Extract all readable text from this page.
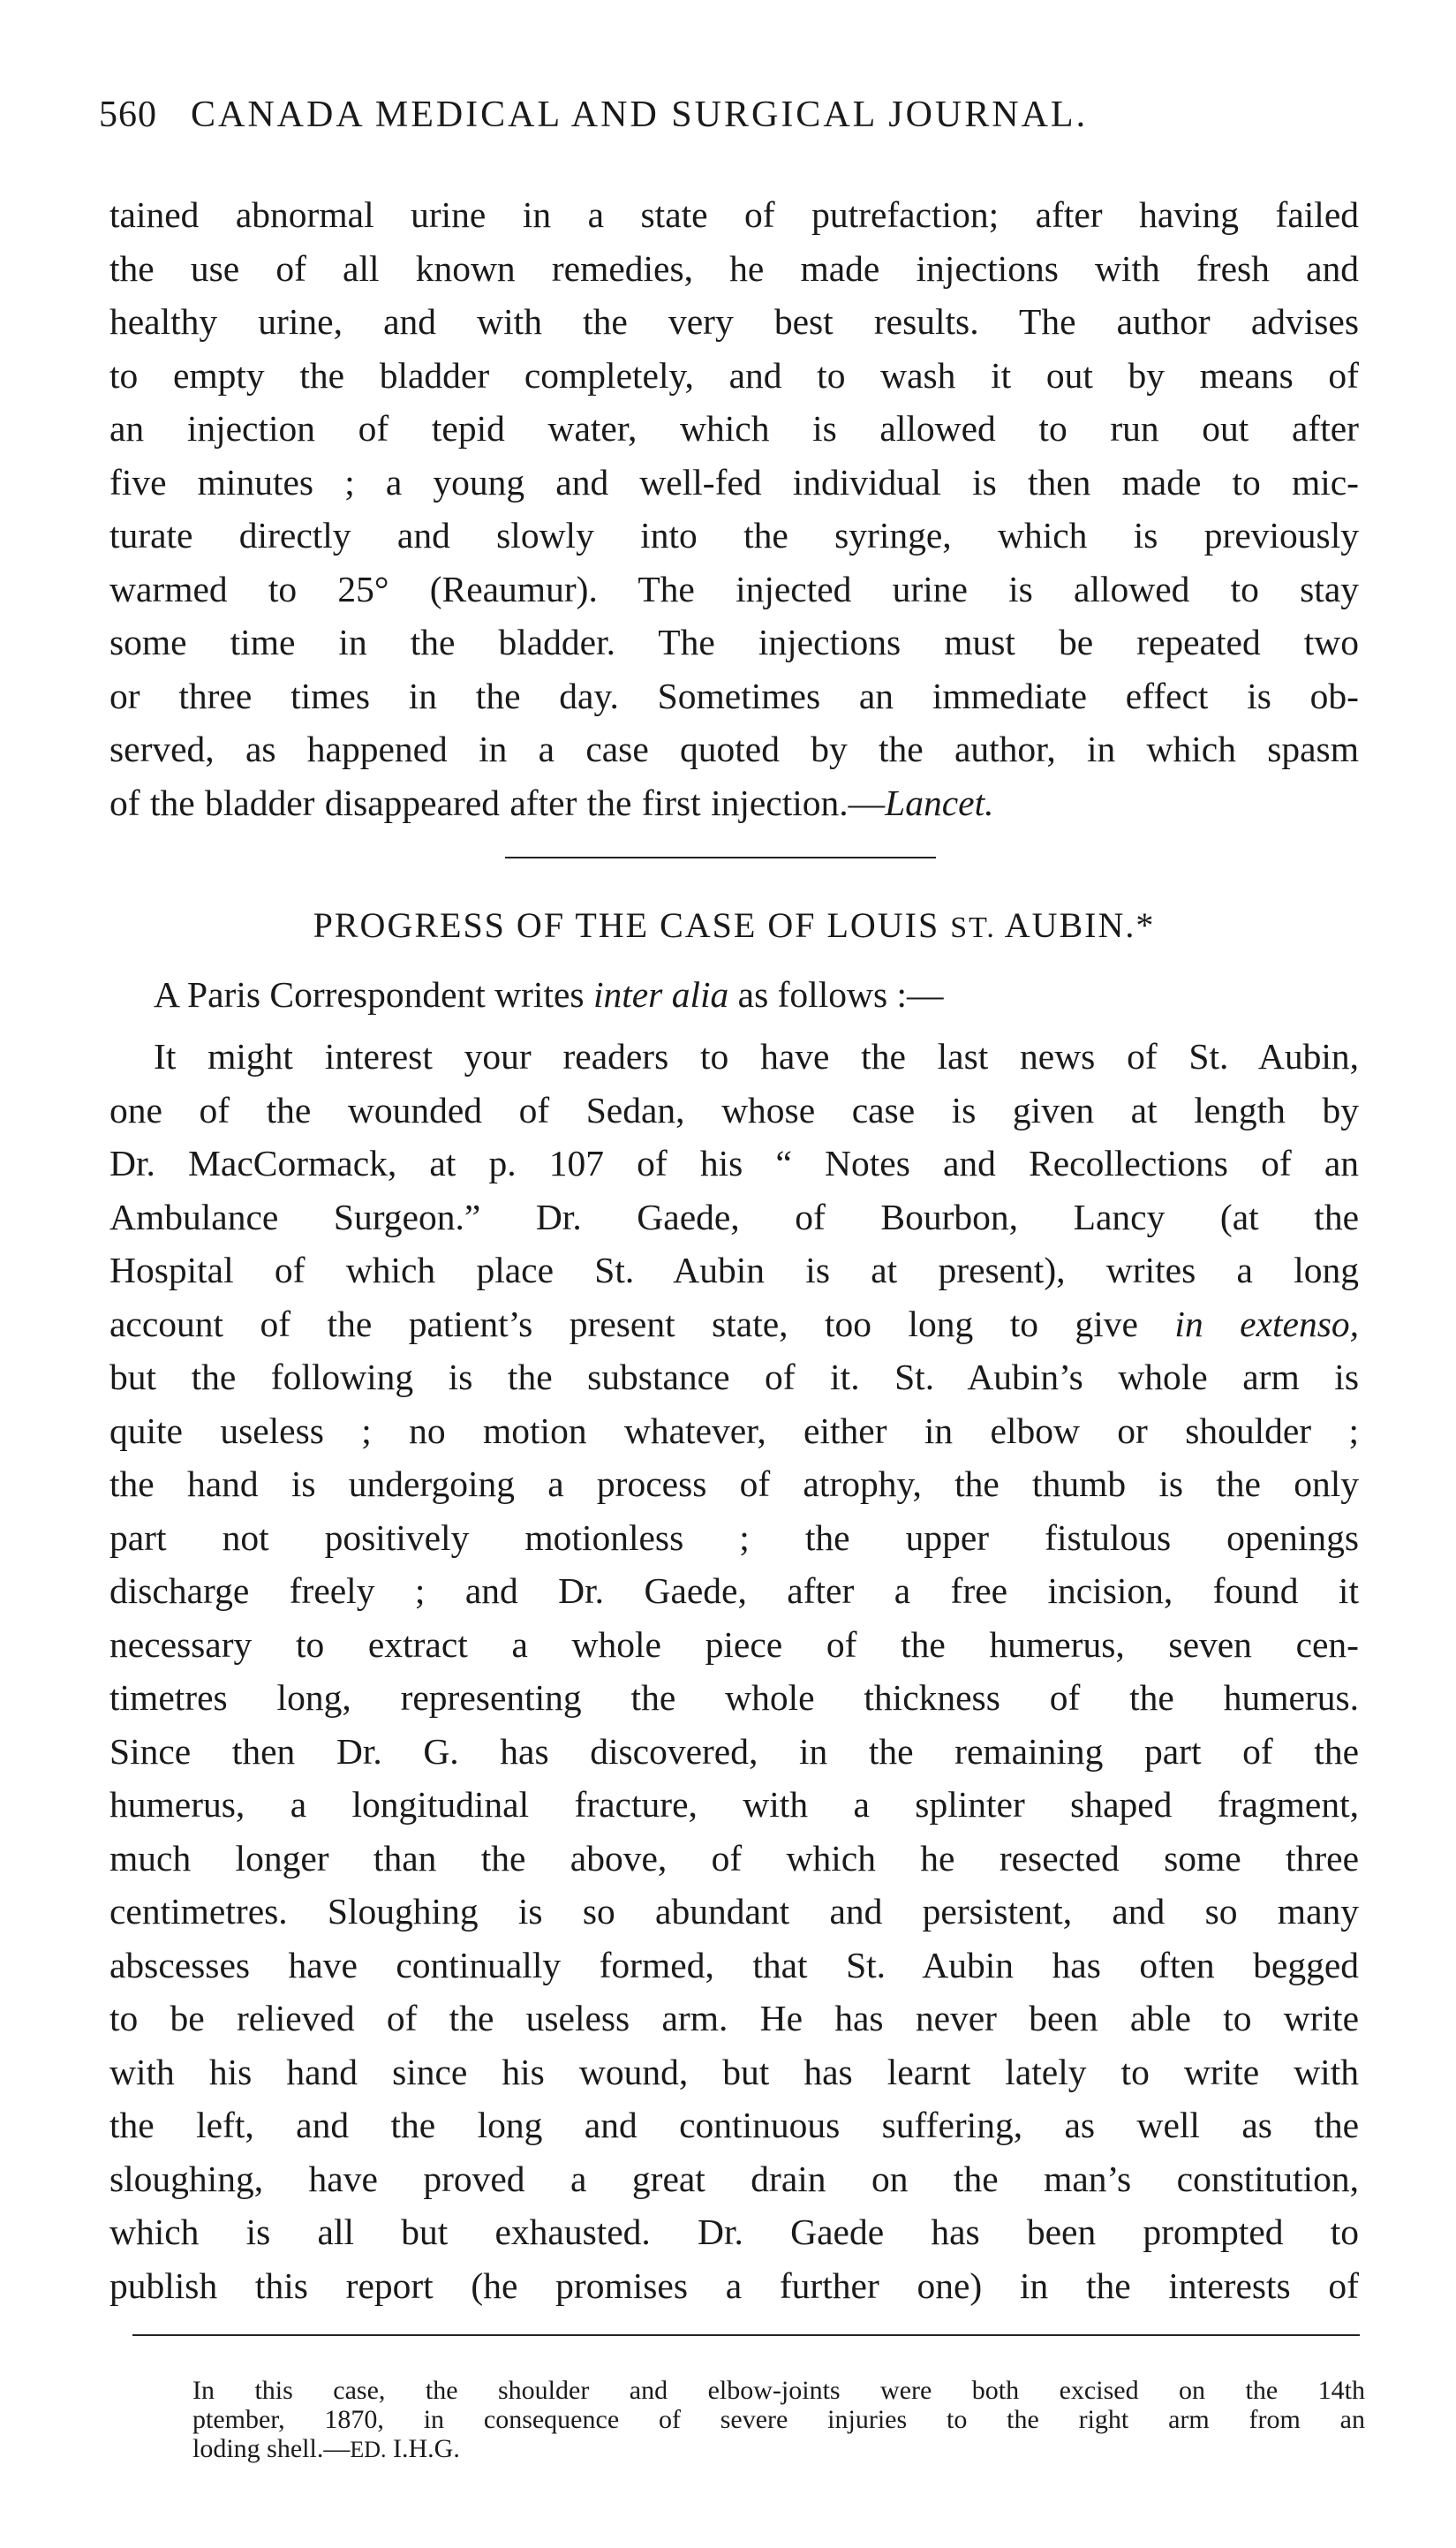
560 CANADA MEDICAL AND SURGICAL JOURNAL.
tained abnormal urine in a state of putrefaction; after having failed
the use of all known remedies, he made injections with fresh and
healthy urine, and with the very best results. The author advises
to empty the bladder completely, and to wash it out by means of
an injection of tepid water, which is allowed to run out after
five minutes ; a young and well-fed individual is then made to mic-
turate directly and slowly into the syringe, which is previously
warmed to 25° (Reaumur). The injected urine is allowed to stay
some time in the bladder. The injections must be repeated two
or three times in the day. Sometimes an immediate effect is ob-
served, as happened in a case quoted by the author, in which spasm
of the bladder disappeared after the first injection.—Lancet.
PROGRESS OF THE CASE OF LOUIS ST. AUBIN.*
A Paris Correspondent writes inter alia as follows :—
It might interest your readers to have the last news of St. Aubin,
one of the wounded of Sedan, whose case is given at length by
Dr. MacCormack, at p. 107 of his “ Notes and Recollections of an
Ambulance Surgeon.” Dr. Gaede, of Bourbon, Lancy (at the
Hospital of which place St. Aubin is at present), writes a long
account of the patient’s present state, too long to give in extenso,
but the following is the substance of it. St. Aubin’s whole arm is
quite useless ; no motion whatever, either in elbow or shoulder ;
the hand is undergoing a process of atrophy, the thumb is the only
part not positively motionless ; the upper fistulous openings
discharge freely ; and Dr. Gaede, after a free incision, found it
necessary to extract a whole piece of the humerus, seven cen-
timetres long, representing the whole thickness of the humerus.
Since then Dr. G. has discovered, in the remaining part of the
humerus, a longitudinal fracture, with a splinter shaped fragment,
much longer than the above, of which he resected some three
centimetres. Sloughing is so abundant and persistent, and so many
abscesses have continually formed, that St. Aubin has often begged
to be relieved of the useless arm. He has never been able to write
with his hand since his wound, but has learnt lately to write with
the left, and the long and continuous suffering, as well as the
sloughing, have proved a great drain on the man’s constitution,
which is all but exhausted. Dr. Gaede has been prompted to
publish this report (he promises a further one) in the interests of
In this case, the shoulder and elbow-joints were both excised on the 14th
ptember, 1870, in consequence of severe injuries to the right arm from an
loding shell.—ED. I.H.G.
